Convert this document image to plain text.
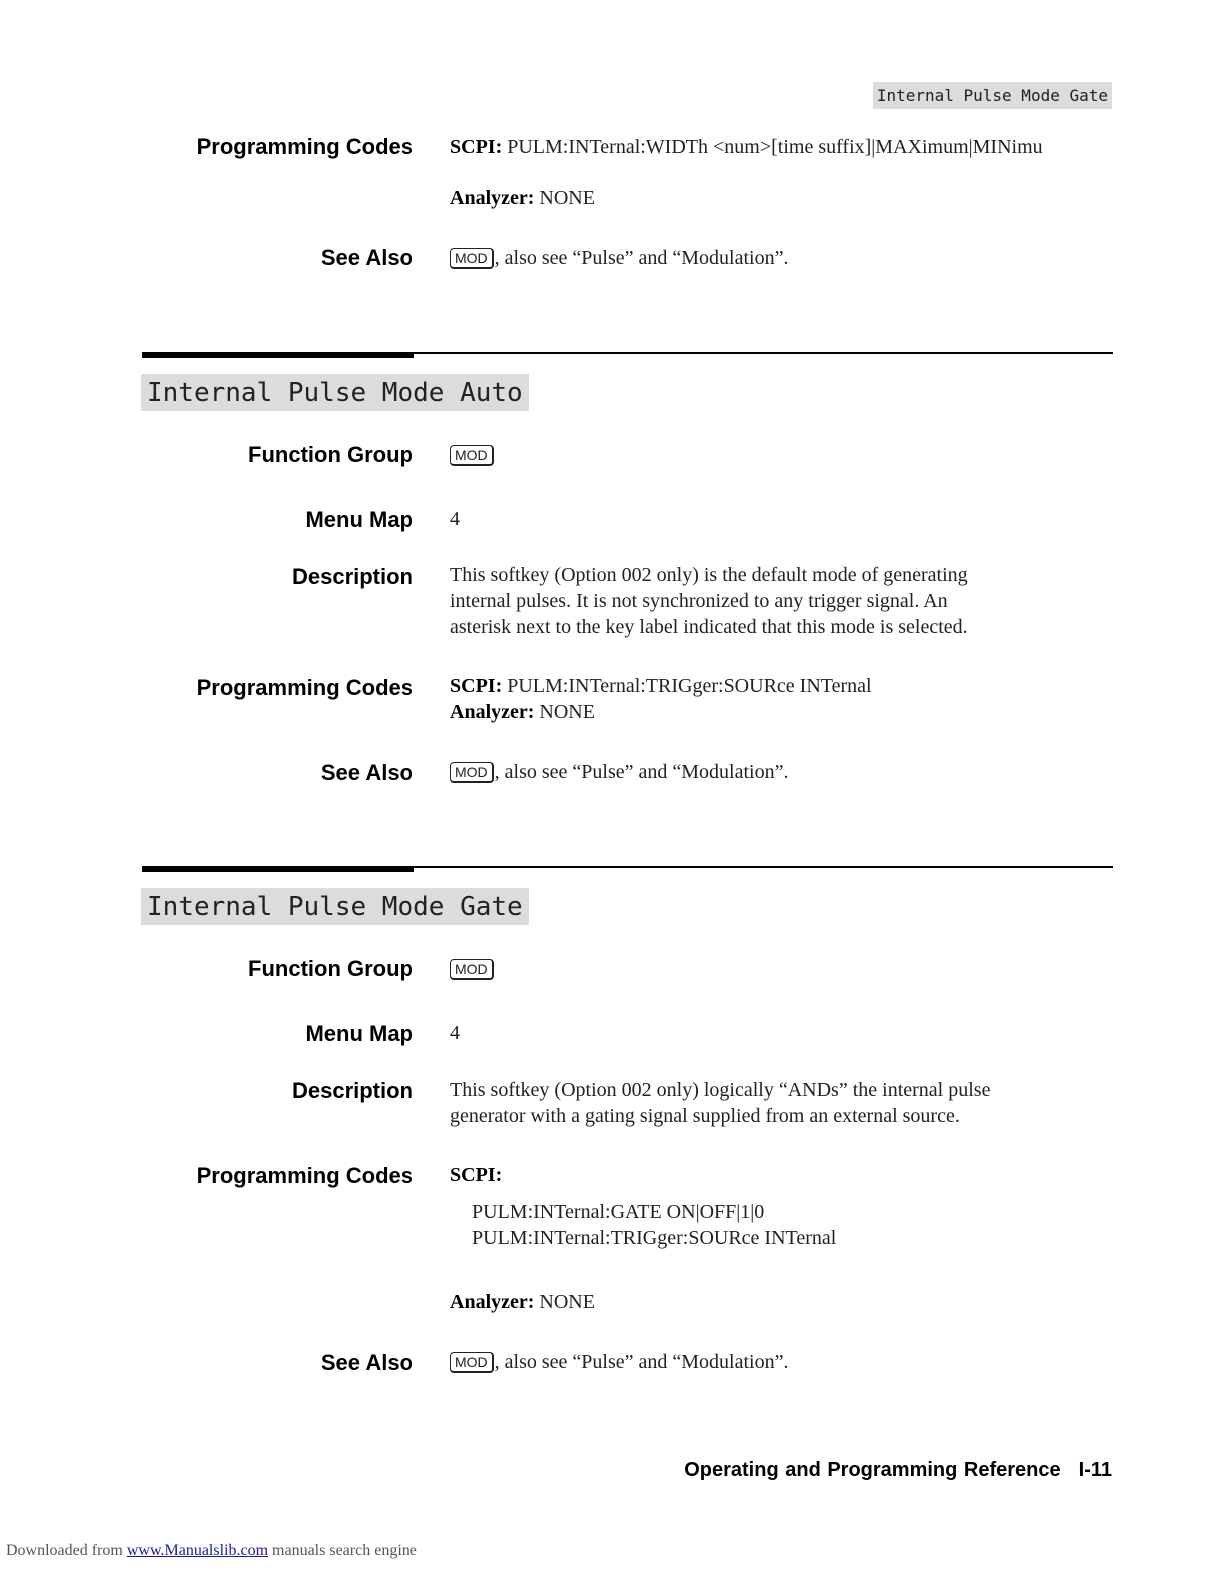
Internal Pulse Mode Gate
Programming Codes SCPI: PULM:INTernal:WIDTh <num>[time suffix]|MAXimum|MINimu
Analyzer: NONE
See Also	MOD , also see “Pulse” and “Modulation”.
Internal Pulse Mode Auto
Function Group	MOD
Menu Map 4
Description This softkey (Option 002 only) is the default mode of generating
internal pulses. It is not synchronized to any trigger signal. An
asterisk next to the key label indicated that this mode is selected.
Programming Codes SCPI: PULM:INTernal:TRIGger:SOURce INTernal
Analyzer: NONE
See Also	MOD , also see “Pulse” and “Modulation”.
Internal Pulse Mode Gate
Function Group	MOD
Menu Map 4
Description This softkey (Option 002 only) logically “ANDs” the internal pulse
generator with a gating signal supplied from an external source.
Programming Codes SCPI:
PULM:INTernal:GATE ON|OFF|1|0
PULM:INTernal:TRIGger:SOURce INTernal
Analyzer: NONE
See Also	MOD , also see “Pulse” and “Modulation”.
Operating and Programming Reference I-11
Downloaded from www.Manualslib.com manuals search engine
